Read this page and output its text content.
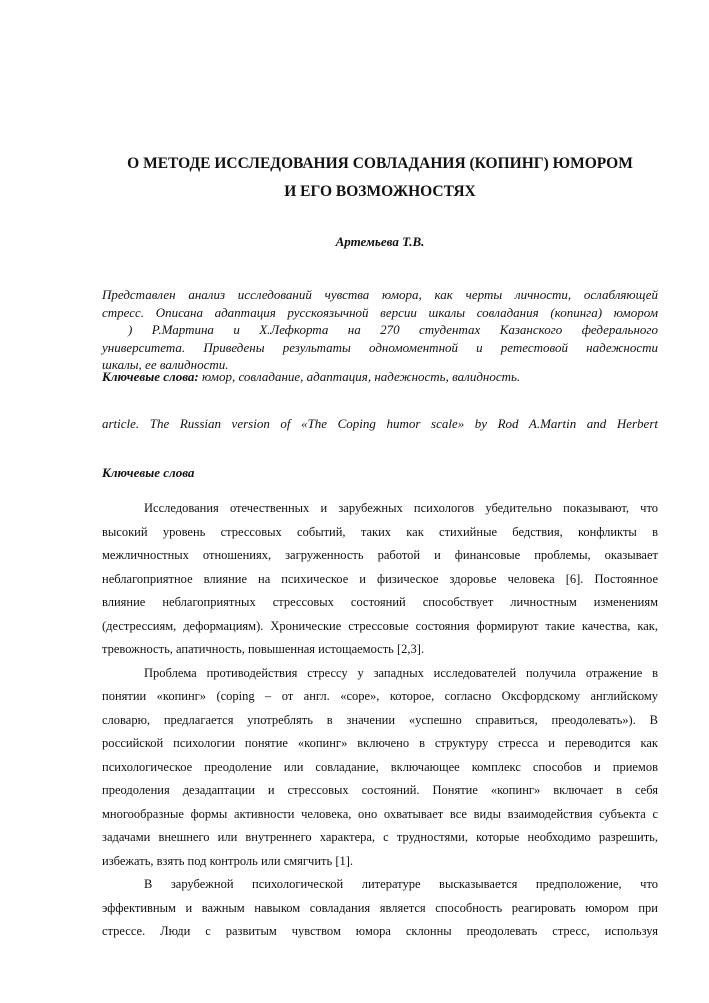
О МЕТОДЕ ИССЛЕДОВАНИЯ СОВЛАДАНИЯ (КОПИНГ) ЮМОРОМ
И ЕГО ВОЗМОЖНОСТЯХ

Артемьева Т.В.

Представлен анализ исследований чувства юмора, как черты личности, ослабляющей
стресс. Описана адаптация русскоязычной версии шкалы совладания (копинга) юмором
) Р.Мартина и Х.Лефкорта на 270 студентах Казанского федерального
университета. Приведены результаты одномоментной и ретестовой надежности
шкалы, ее валидности.

Ключевые слова: юмор, совладание, адаптация, надежность, валидность.

article. The Russian version of «The Coping humor scale» by Rod A.Martin and Herbert

Ключевые слова

Исследования отечественных и зарубежных психологов убедительно показывают, что
высокий уровень стрессовых событий, таких как стихийные бедствия, конфликты в
межличностных отношениях, загруженность работой и финансовые проблемы, оказывает
неблагоприятное влияние на психическое и физическое здоровье человека [6]. Постоянное
влияние неблагоприятных стрессовых состояний способствует личностным изменениям
(дестрессиям, деформациям). Хронические стрессовые состояния формируют такие качества, как,
тревожность, апатичность, повышенная истощаемость [2,3].
Проблема противодействия стрессу у западных исследователей получила отражение в
понятии «копинг» (coping – от англ. «cope», которое, согласно Оксфордскому английскому
словарю, предлагается употреблять в значении «успешно справиться, преодолевать»). В
российской психологии понятие «копинг» включено в структуру стресса и переводится как
психологическое преодоление или совладание, включающее комплекс способов и приемов
преодоления дезадаптации и стрессовых состояний. Понятие «копинг» включает в себя
многообразные формы активности человека, оно охватывает все виды взаимодействия субъекта с
задачами внешнего или внутреннего характера, с трудностями, которые необходимо разрешить,
избежать, взять под контроль или смягчить [1].
В зарубежной психологической литературе высказывается предположение, что
эффективным и важным навыком совладания является способность реагировать юмором при
стрессе. Люди с развитым чувством юмора склонны преодолевать стресс, используя
